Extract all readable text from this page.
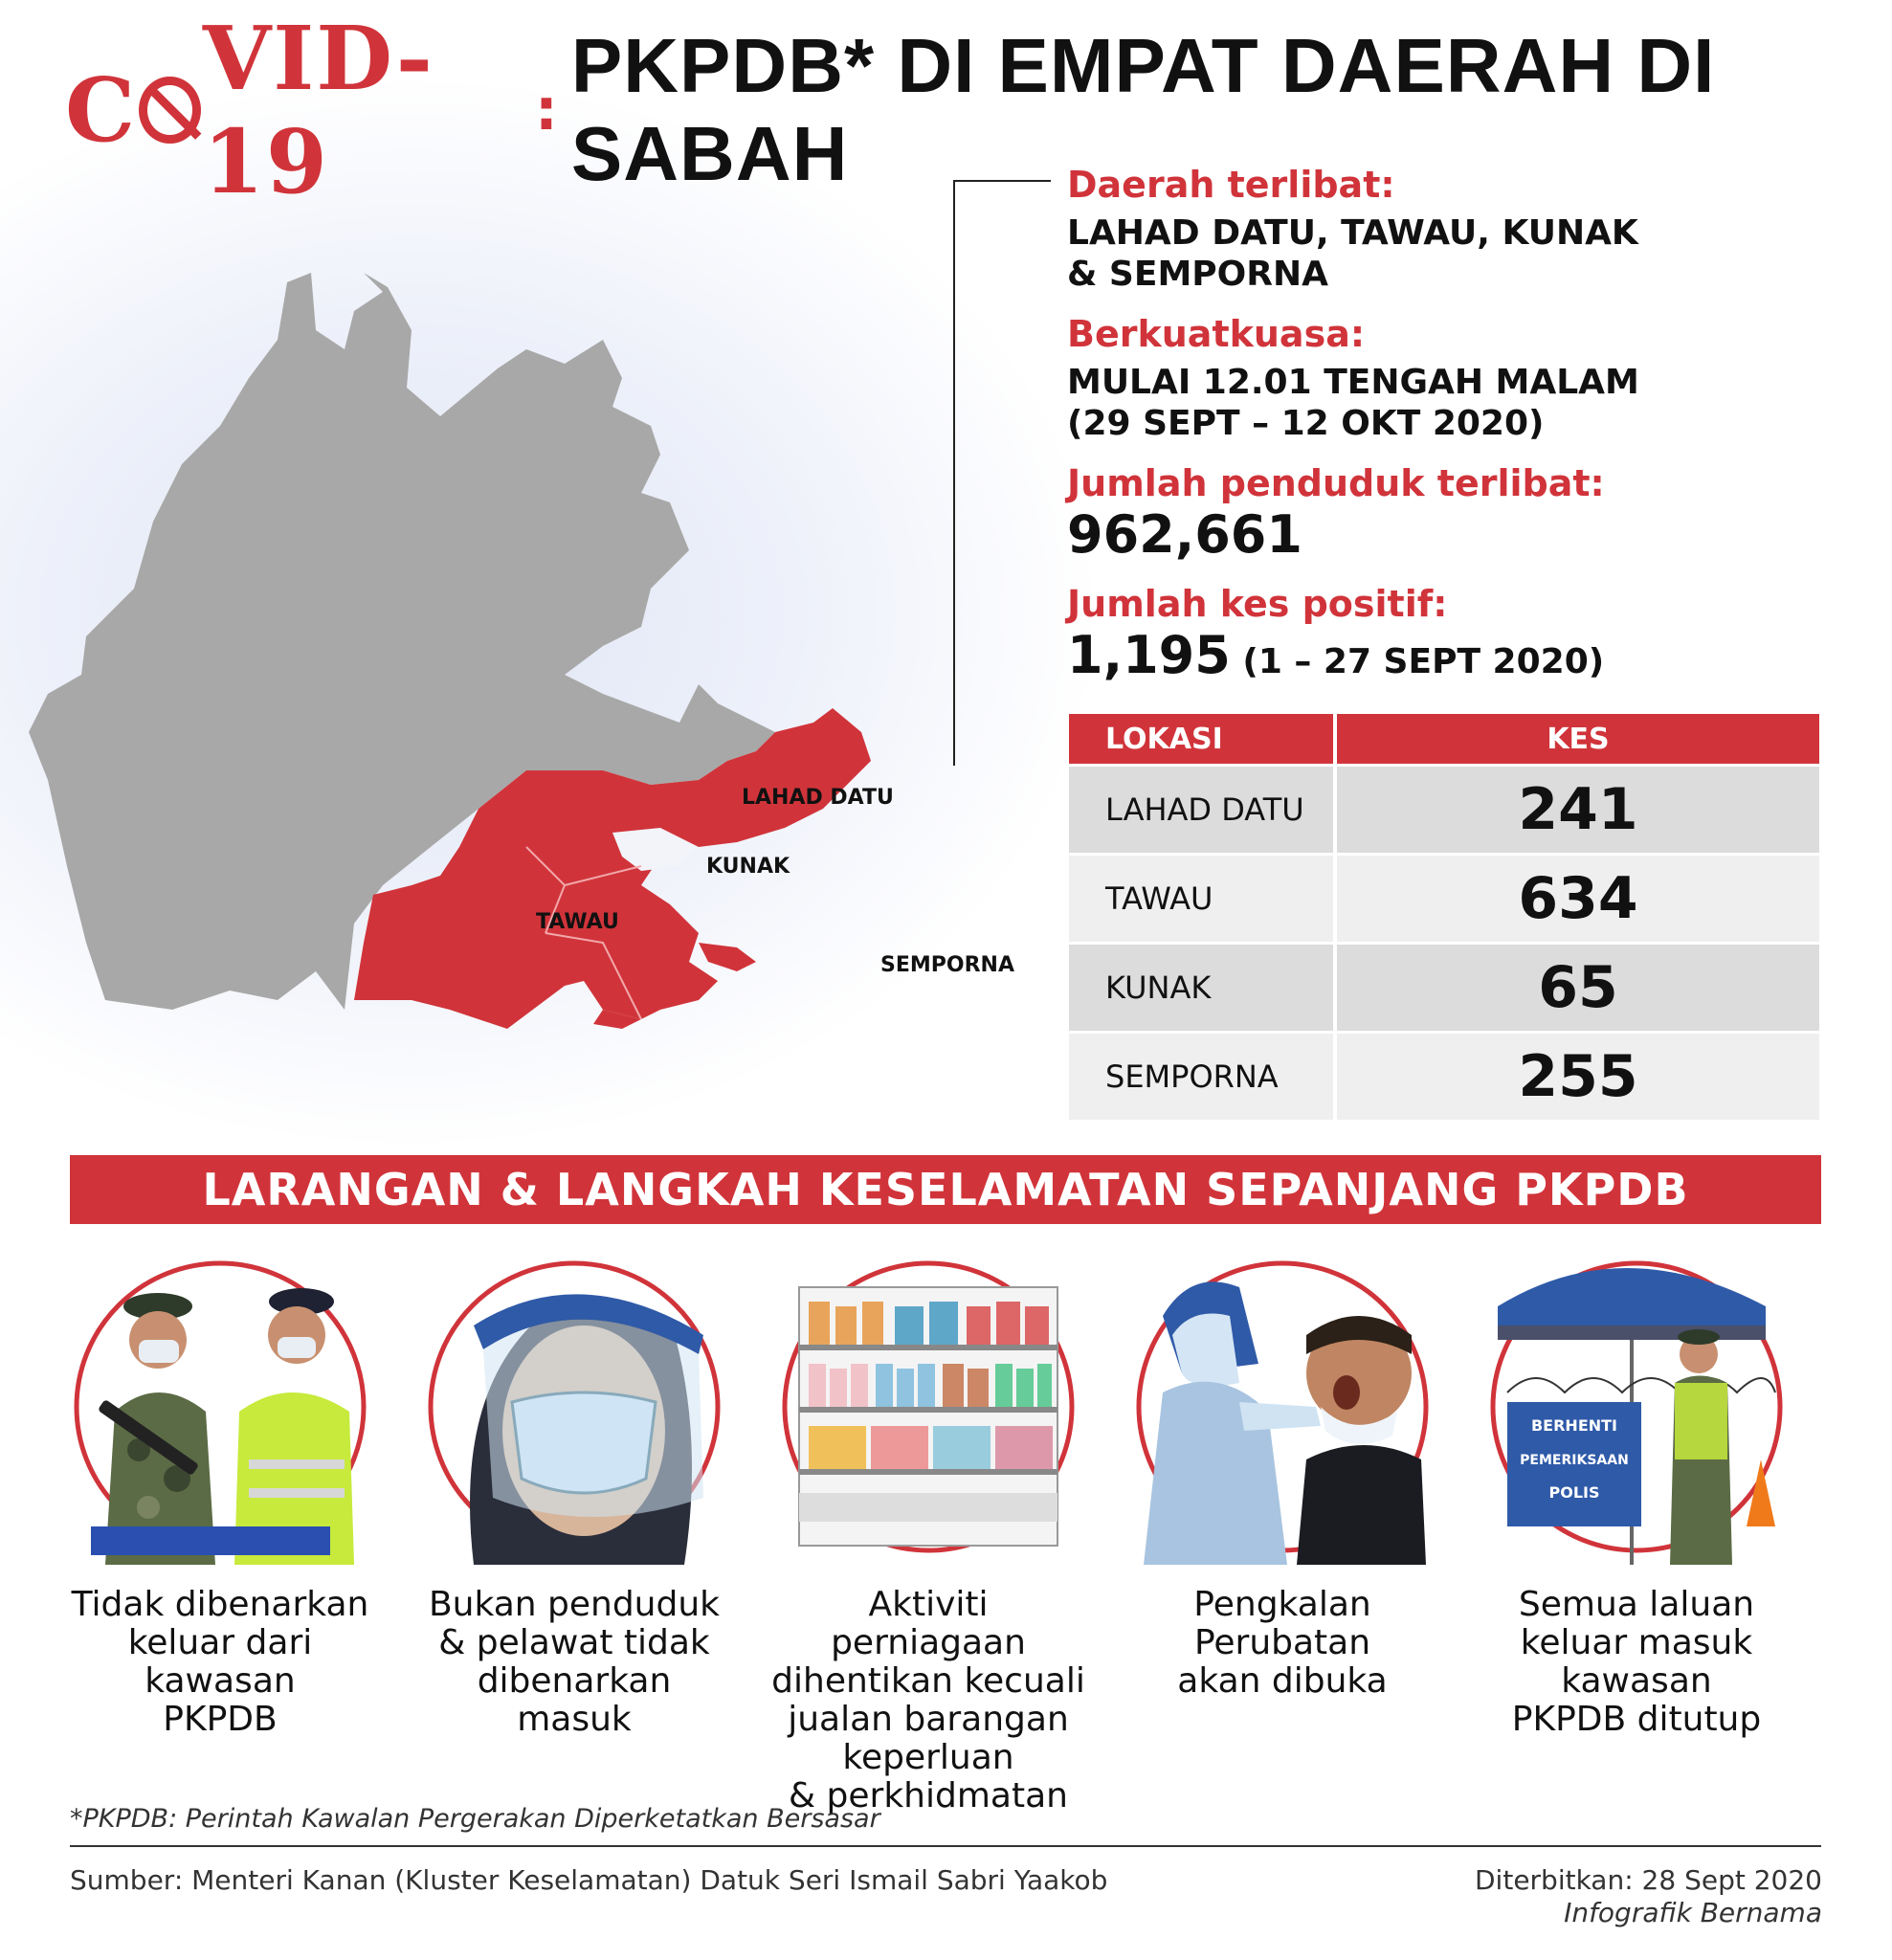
C VID-19	:
PKPDB* DI EMPAT DAERAH DI SABAH
LAHAD DATU
KUNAK
TAWAU
SEMPORNA
Daerah terlibat:
LAHAD DATU, TAWAU, KUNAK
& SEMPORNA
Berkuatkuasa:
MULAI 12.01 TENGAH MALAM
(29 SEPT – 12 OKT 2020)
Jumlah penduduk terlibat:
962,661
Jumlah kes positif:
1,195 (1 – 27 SEPT 2020)
LOKASI	KES
LAHAD DATU	241
TAWAU	634
KUNAK	65
SEMPORNA	255
LARANGAN & LANGKAH KESELAMATAN SEPANJANG PKPDB
Tidak dibenarkan
keluar dari
kawasan
PKPDB
Bukan penduduk
& pelawat tidak
dibenarkan
masuk
Aktiviti perniagaan
dihentikan kecuali
jualan barangan
keperluan
& perkhidmatan
Pengkalan
Perubatan
akan dibuka
BERHENTI
PEMERIKSAAN
POLIS
Semua laluan
keluar masuk
kawasan
PKPDB ditutup
*PKPDB: Perintah Kawalan Pergerakan Diperketatkan Bersasar
Sumber: Menteri Kanan (Kluster Keselamatan) Datuk Seri Ismail Sabri Yaakob	Diterbitkan: 28 Sept 2020
Infografik Bernama
